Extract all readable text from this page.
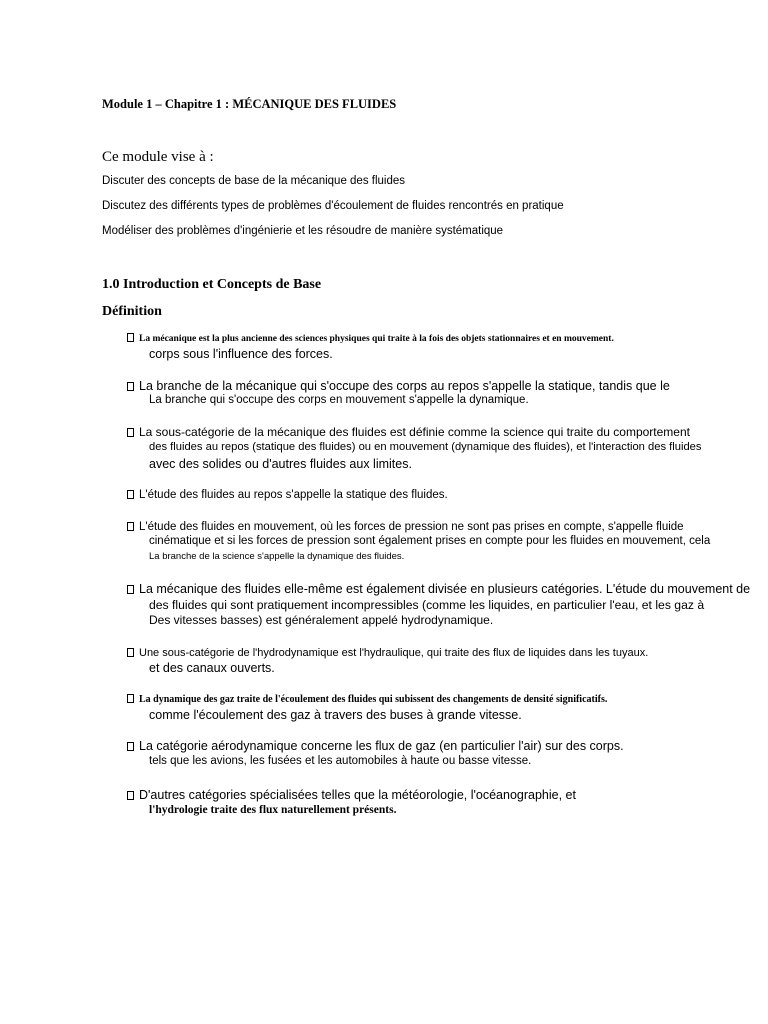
Module 1 – Chapitre 1 : MÉCANIQUE DES FLUIDES
Ce module vise à :
Discuter des concepts de base de la mécanique des fluides
Discutez des différents types de problèmes d'écoulement de fluides rencontrés en pratique
Modéliser des problèmes d'ingénierie et les résoudre de manière systématique
1.0 Introduction et Concepts de Base
Définition
La mécanique est la plus ancienne des sciences physiques qui traite à la fois des objets stationnaires et en mouvement.
corps sous l'influence des forces.
La branche de la mécanique qui s'occupe des corps au repos s'appelle la statique, tandis que le
La branche qui s'occupe des corps en mouvement s'appelle la dynamique.
La sous-catégorie de la mécanique des fluides est définie comme la science qui traite du comportement
des fluides au repos (statique des fluides) ou en mouvement (dynamique des fluides), et l'interaction des fluides
avec des solides ou d'autres fluides aux limites.
L'étude des fluides au repos s'appelle la statique des fluides.
L'étude des fluides en mouvement, où les forces de pression ne sont pas prises en compte, s'appelle fluide
cinématique et si les forces de pression sont également prises en compte pour les fluides en mouvement, cela
La branche de la science s'appelle la dynamique des fluides.
La mécanique des fluides elle-même est également divisée en plusieurs catégories. L'étude du mouvement de
des fluides qui sont pratiquement incompressibles (comme les liquides, en particulier l'eau, et les gaz à
Des vitesses basses) est généralement appelé hydrodynamique.
Une sous-catégorie de l'hydrodynamique est l'hydraulique, qui traite des flux de liquides dans les tuyaux.
et des canaux ouverts.
La dynamique des gaz traite de l'écoulement des fluides qui subissent des changements de densité significatifs.
comme l'écoulement des gaz à travers des buses à grande vitesse.
La catégorie aérodynamique concerne les flux de gaz (en particulier l'air) sur des corps.
tels que les avions, les fusées et les automobiles à haute ou basse vitesse.
D'autres catégories spécialisées telles que la météorologie, l'océanographie, et
l'hydrologie traite des flux naturellement présents.
